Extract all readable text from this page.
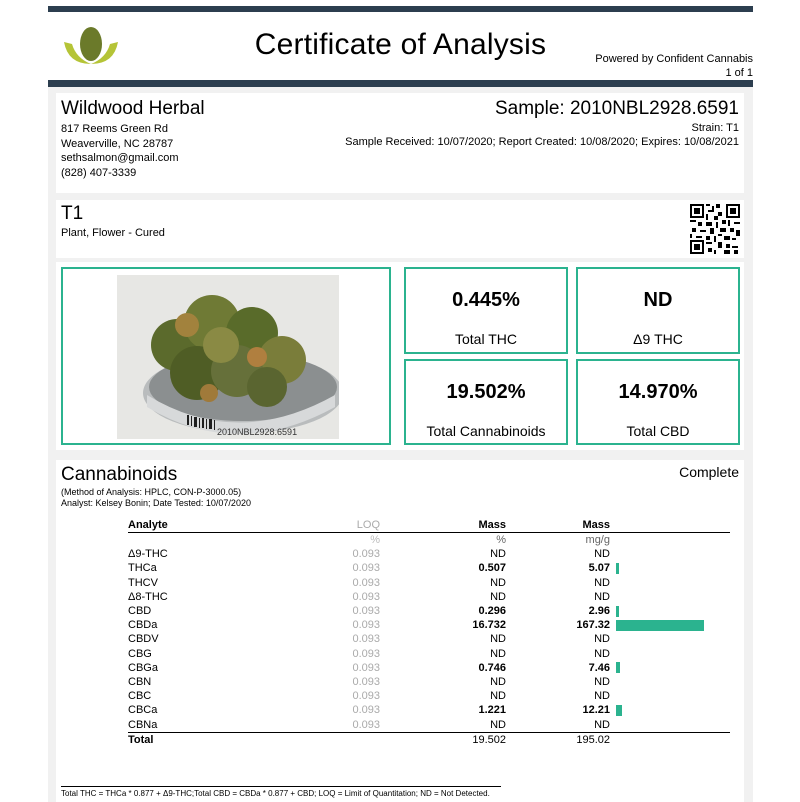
Certificate of Analysis	Powered by Confident Cannabis
1 of 1
Wildwood Herbal
817 Reems Green Rd
Weaverville, NC 28787
sethsalmon@gmail.com
(828) 407-3339
Sample: 2010NBL2928.6591
Strain: T1
Sample Received: 10/07/2020; Report Created: 10/08/2020; Expires: 10/08/2021
T1
Plant, Flower - Cured
2010NBL2928.6591
0.445%
Total THC
ND
Δ9 THC
19.502%
Total Cannabinoids
14.970%
Total CBD
Cannabinoids	Complete
(Method of Analysis: HPLC, CON-P-3000.05)
Analyst: Kelsey Bonin; Date Tested: 10/07/2020
Analyte	LOQ	Mass	Mass	
	%	%	mg/g	
Δ9-THC	0.093	ND	ND	
THCa	0.093	0.507	5.07	
THCV	0.093	ND	ND	
Δ8-THC	0.093	ND	ND	
CBD	0.093	0.296	2.96	
CBDa	0.093	16.732	167.32	
CBDV	0.093	ND	ND	
CBG	0.093	ND	ND	
CBGa	0.093	0.746	7.46	
CBN	0.093	ND	ND	
CBC	0.093	ND	ND	
CBCa	0.093	1.221	12.21	
CBNa	0.093	ND	ND	
Total		19.502	195.02	
Total THC = THCa * 0.877 + Δ9-THC;Total CBD = CBDa * 0.877 + CBD; LOQ = Limit of Quantitation; ND = Not Detected.
